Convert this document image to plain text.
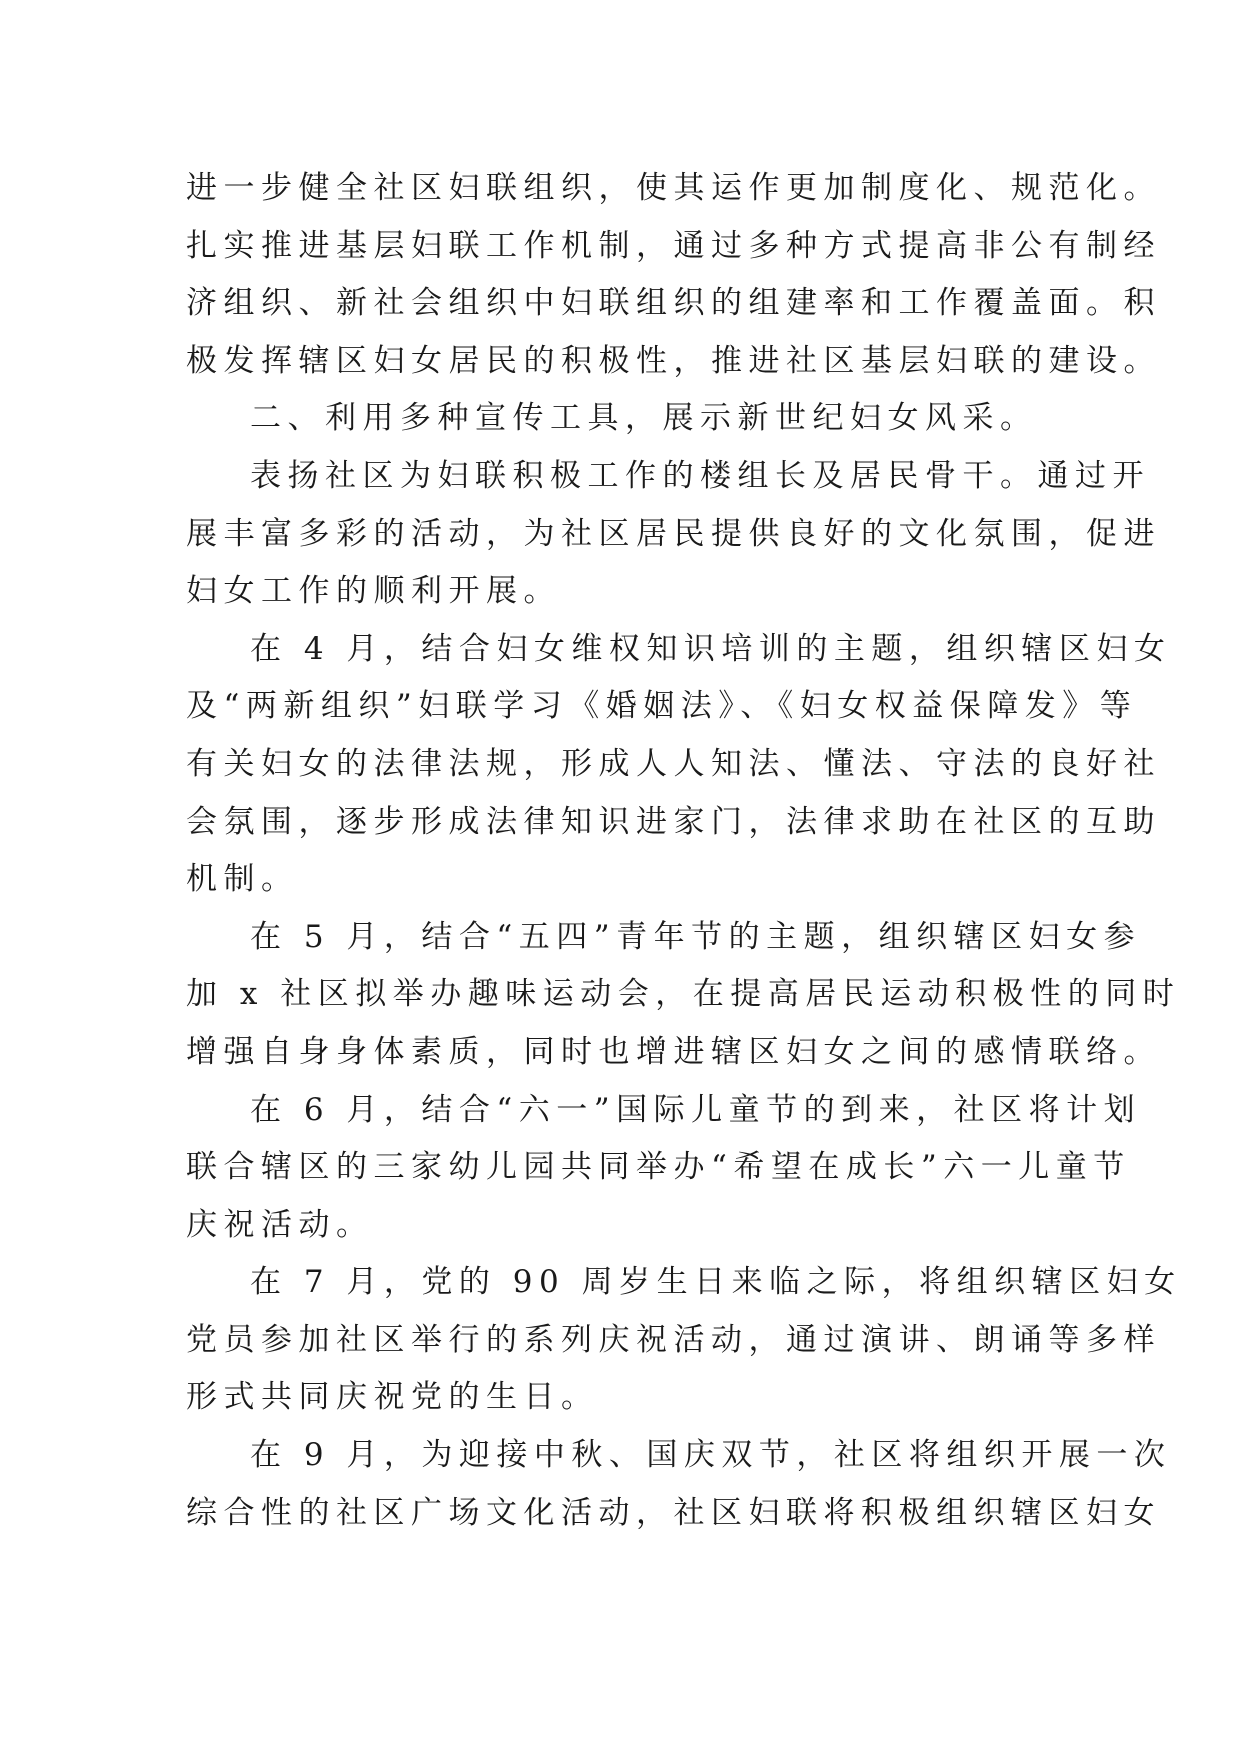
进一步健全社区妇联组织，使其运作更加制度化、规范化。
扎实推进基层妇联工作机制，通过多种方式提高非公有制经
济组织、新社会组织中妇联组织的组建率和工作覆盖面。积
极发挥辖区妇女居民的积极性，推进社区基层妇联的建设。
二、利用多种宣传工具，展示新世纪妇女风采。
表扬社区为妇联积极工作的楼组长及居民骨干。通过开
展丰富多彩的活动，为社区居民提供良好的文化氛围，促进
妇女工作的顺利开展。
在 4 月，结合妇女维权知识培训的主题，组织辖区妇女
及“两新组织”妇联学习《婚姻法》、《妇女权益保障发》等
有关妇女的法律法规，形成人人知法、懂法、守法的良好社
会氛围，逐步形成法律知识进家门，法律求助在社区的互助
机制。
在 5 月，结合“五四”青年节的主题，组织辖区妇女参
加 x 社区拟举办趣味运动会，在提高居民运动积极性的同时
增强自身身体素质，同时也增进辖区妇女之间的感情联络。
在 6 月，结合“六一”国际儿童节的到来，社区将计划
联合辖区的三家幼儿园共同举办“希望在成长”六一儿童节
庆祝活动。
在 7 月，党的 90 周岁生日来临之际，将组织辖区妇女
党员参加社区举行的系列庆祝活动，通过演讲、朗诵等多样
形式共同庆祝党的生日。
在 9 月，为迎接中秋、国庆双节，社区将组织开展一次
综合性的社区广场文化活动，社区妇联将积极组织辖区妇女
